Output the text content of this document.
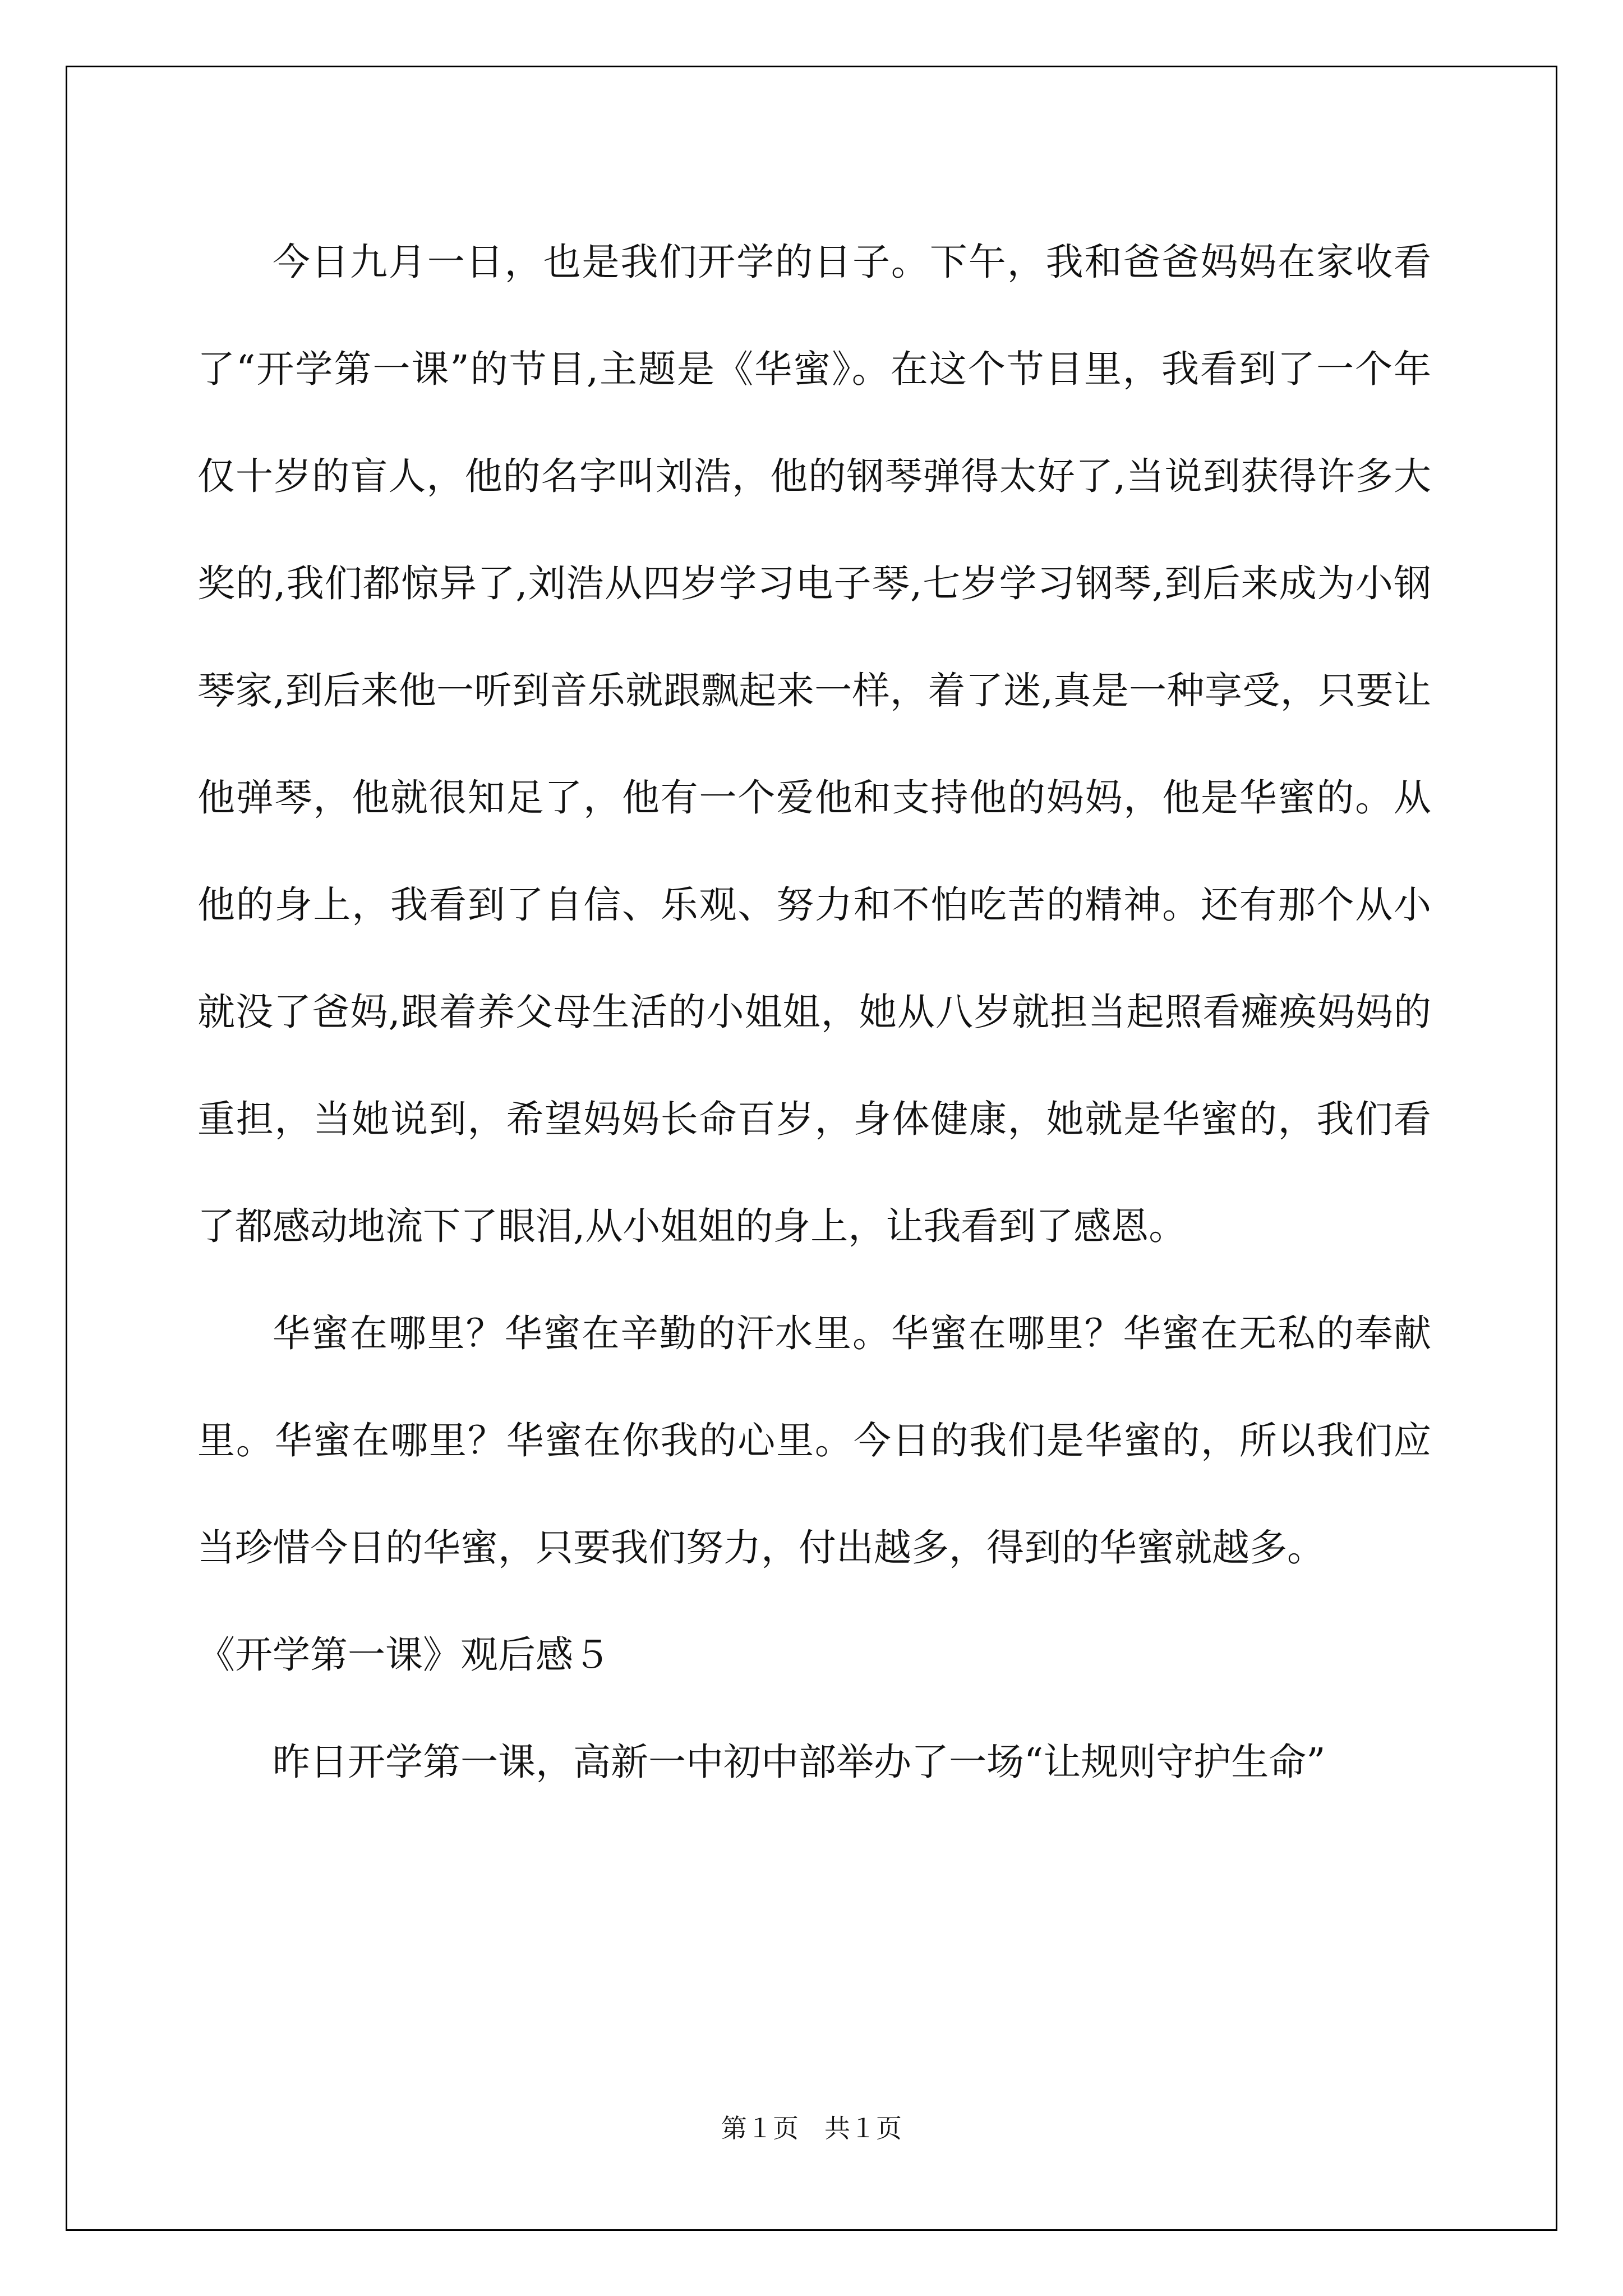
今日九月一日，也是我们开学的日子。下午，我和爸爸妈妈在家收看了“开学第一课”的节目,主题是《华蜜》。在这个节目里，我看到了一个年仅十岁的盲人，他的名字叫刘浩，他的钢琴弹得太好了,当说到获得许多大奖的,我们都惊异了,刘浩从四岁学习电子琴,七岁学习钢琴,到后来成为小钢琴家,到后来他一听到音乐就跟飘起来一样，着了迷,真是一种享受，只要让他弹琴，他就很知足了，他有一个爱他和支持他的妈妈，他是华蜜的。从他的身上，我看到了自信、乐观、努力和不怕吃苦的精神。还有那个从小就没了爸妈,跟着养父母生活的小姐姐，她从八岁就担当起照看瘫痪妈妈的重担，当她说到，希望妈妈长命百岁，身体健康，她就是华蜜的，我们看了都感动地流下了眼泪,从小姐姐的身上，让我看到了感恩。

华蜜在哪里？华蜜在辛勤的汗水里。华蜜在哪里？华蜜在无私的奉献里。华蜜在哪里？华蜜在你我的心里。今日的我们是华蜜的，所以我们应当珍惜今日的华蜜，只要我们努力，付出越多，得到的华蜜就越多。

《开学第一课》观后感５

昨日开学第一课，高新一中初中部举办了一场“让规则守护生命”

第１页　共１页
